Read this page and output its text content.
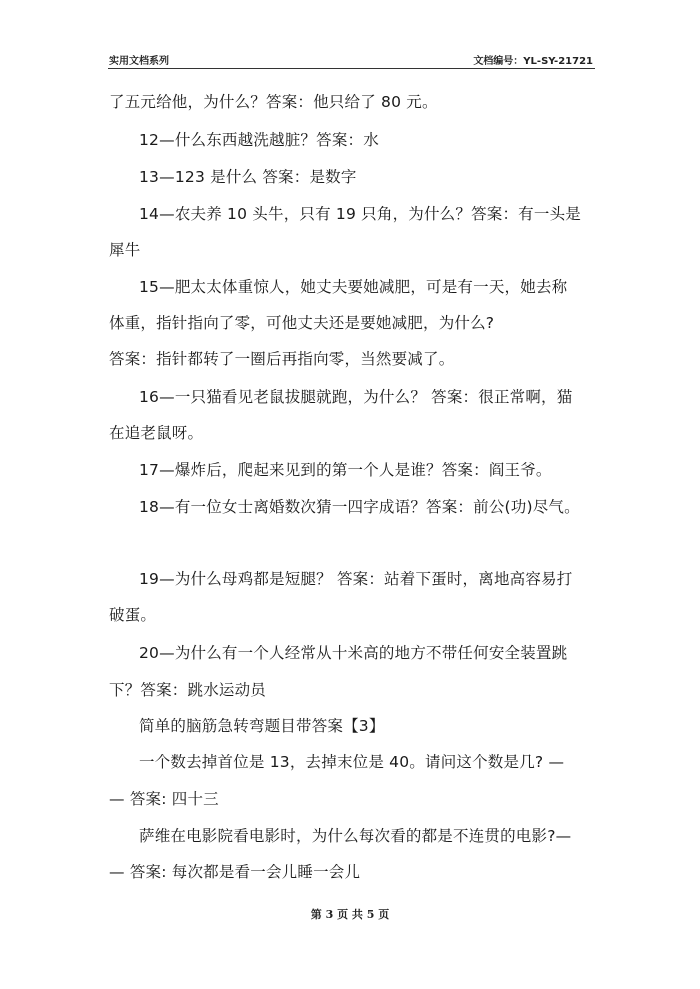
实用文档系列	文档编号：YL-SY-21721
了五元给他，为什么？答案：他只给了 80 元。
12—什么东西越洗越脏？答案：水
13—123 是什么 答案：是数字
14—农夫养 10 头牛，只有 19 只角，为什么？答案：有一头是
犀牛
15—肥太太体重惊人，她丈夫要她减肥，可是有一天，她去称
体重，指针指向了零，可他丈夫还是要她减肥，为什么?
答案：指针都转了一圈后再指向零，当然要减了。
16—一只猫看见老鼠拔腿就跑，为什么？ 答案：很正常啊，猫
在追老鼠呀。
17—爆炸后，爬起来见到的第一个人是谁？答案：阎王爷。
18—有一位女士离婚数次猜一四字成语？答案：前公(功)尽气。
19—为什么母鸡都是短腿？ 答案：站着下蛋时，离地高容易打
破蛋。
20—为什么有一个人经常从十米高的地方不带任何安全装置跳
下？答案：跳水运动员
简单的脑筋急转弯题目带答案【3】
一个数去掉首位是 13，去掉末位是 40。请问这个数是几? —
— 答案: 四十三
萨维在电影院看电影时，为什么每次看的都是不连贯的电影?—
— 答案: 每次都是看一会儿睡一会儿
第 3 页 共 5 页
